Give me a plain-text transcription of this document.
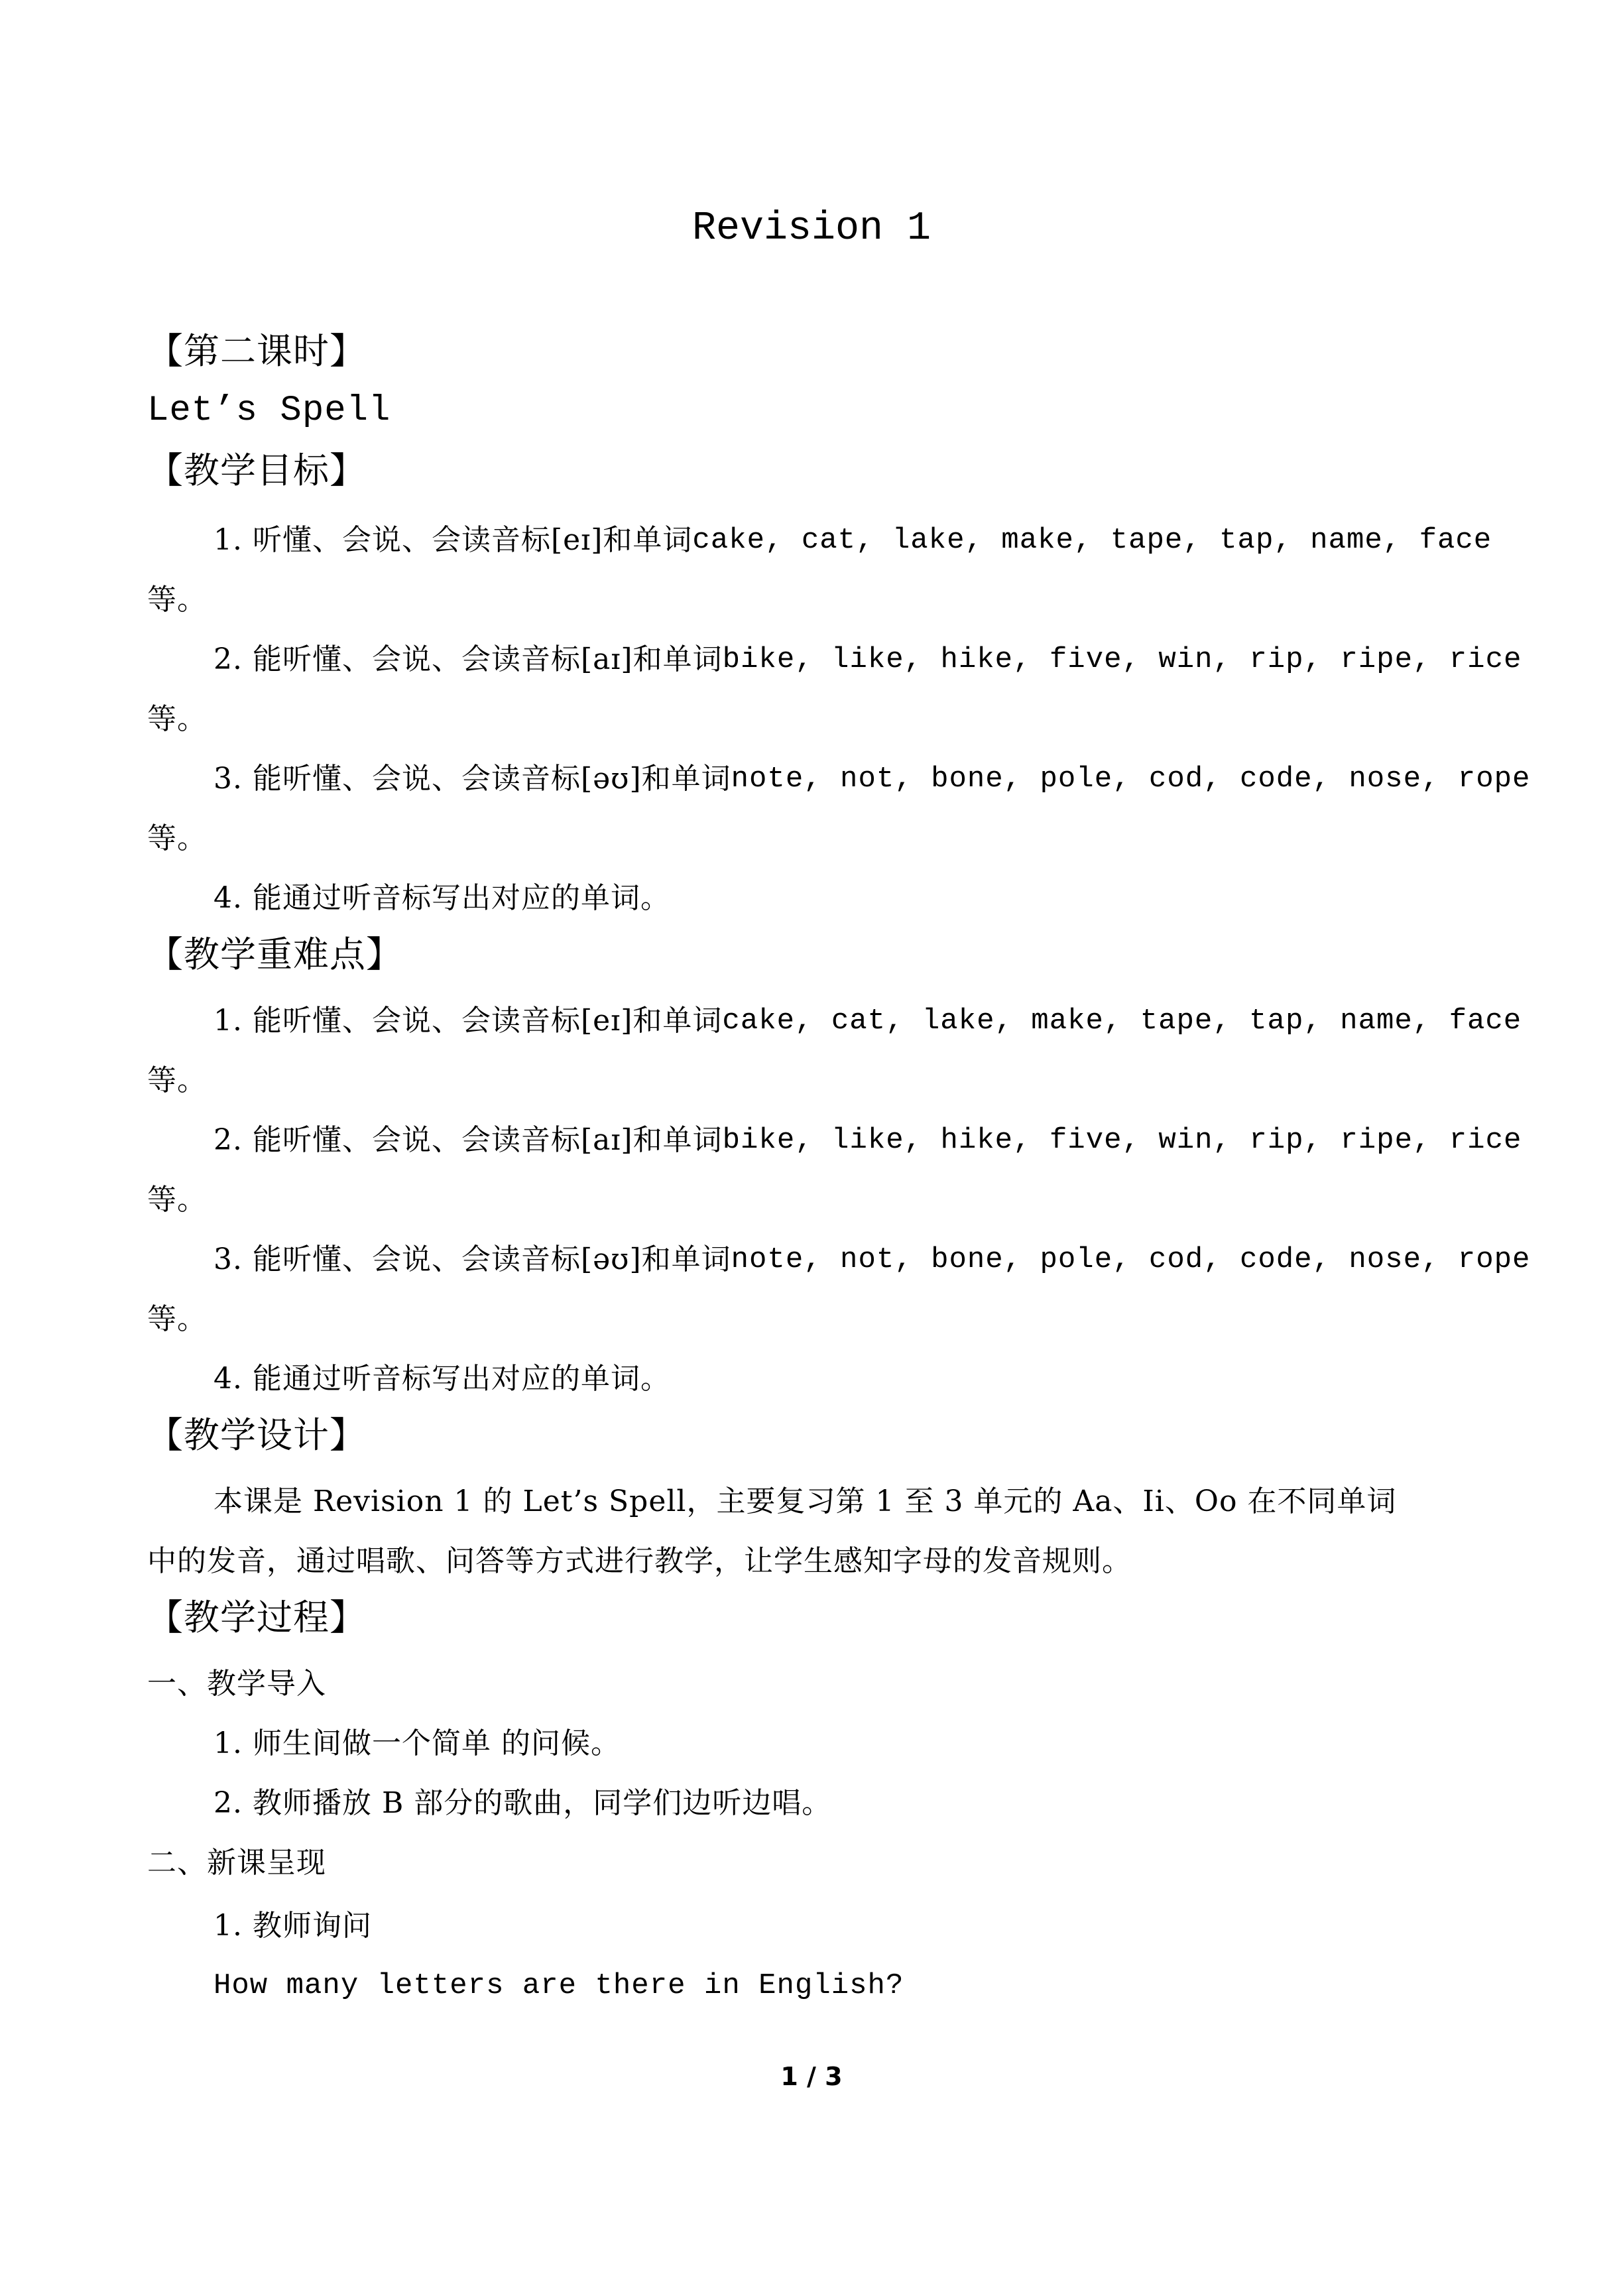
Revision 1
【第二课时】
Let’s Spell
【教学目标】
1. 听懂、会说、会读音标[eɪ]和单词 cake, cat, lake, make, tape, tap, name, face
等。
2. 能听懂、会说、会读音标[aɪ]和单词 bike, like, hike, five, win, rip, ripe, rice
等。
3. 能听懂、会说、会读音标[əʊ]和单词 note, not, bone, pole, cod, code, nose, rope
等。
4. 能通过听音标写出对应的单词。
【教学重难点】
1. 能听懂、会说、会读音标[eɪ]和单词 cake, cat, lake, make, tape, tap, name, face
等。
2. 能听懂、会说、会读音标[aɪ]和单词 bike, like, hike, five, win, rip, ripe, rice
等。
3. 能听懂、会说、会读音标[əʊ]和单词 note, not, bone, pole, cod, code, nose, rope
等。
4. 能通过听音标写出对应的单词。
【教学设计】
本课是 Revision 1 的 Let’s Spell，主要复习第 1 至 3 单元的 Aa、Ii、Oo 在不同单词
中的发音，通过唱歌、问答等方式进行教学，让学生感知字母的发音规则。
【教学过程】
一、教学导入
1. 师生间做一个简单 的问候。
2. 教师播放 B 部分的歌曲，同学们边听边唱。
二、新课呈现
1. 教师询问
How many letters are there in English?
1 / 3
